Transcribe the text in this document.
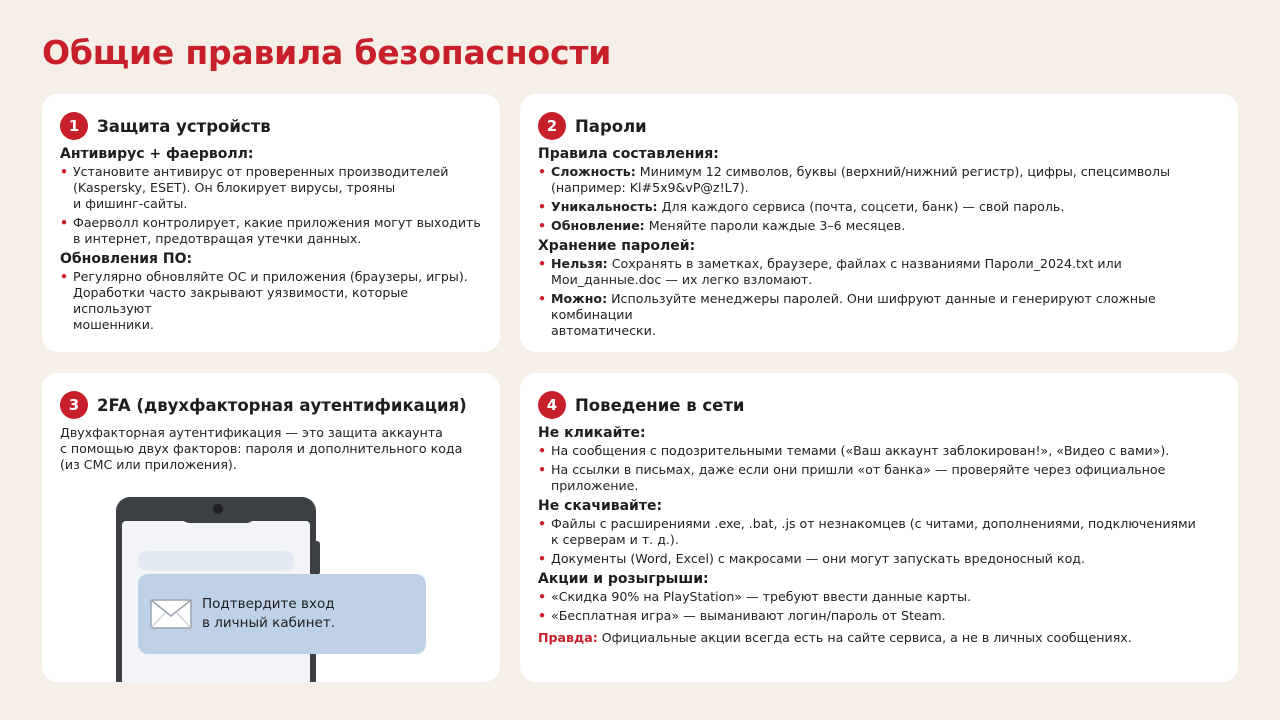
Общие правила безопасности
1	Защита устройств
Антивирус + фаерволл:
• Установите антивирус от проверенных производителей
(Kaspersky, ESET). Он блокирует вирусы, трояны
и фишинг-сайты.
• Фаерволл контролирует, какие приложения могут выходить
в интернет, предотвращая утечки данных.
Обновления ПО:
• Регулярно обновляйте ОС и приложения (браузеры, игры).
Доработки часто закрывают уязвимости, которые используют
мошенники.
2	Пароли
Правила составления:
• Сложность: Минимум 12 символов, буквы (верхний/нижний регистр), цифры, спецсимволы
(например: Kl#5x9&vP@z!L7).
• Уникальность: Для каждого сервиса (почта, соцсети, банк) — свой пароль.
• Обновление: Меняйте пароли каждые 3–6 месяцев.
Хранение паролей:
• Нельзя: Сохранять в заметках, браузере, файлах с названиями Пароли_2024.txt или
Мои_данные.doc — их легко взломают.
• Можно: Используйте менеджеры паролей. Они шифруют данные и генерируют сложные комбинации
автоматически.
3	2FA (двухфакторная аутентификация)

Двухфакторная аутентификация — это защита аккаунта
с помощью двух факторов: пароля и дополнительного кода
(из СМС или приложения).

Подтвердите вход
в личный кабинет.
4	Поведение в сети
Не кликайте:
• На сообщения с подозрительными темами («Ваш аккаунт заблокирован!», «Видео с вами»).
• На ссылки в письмах, даже если они пришли «от банка» — проверяйте через официальное
приложение.
Не скачивайте:
• Файлы с расширениями .exe, .bat, .js от незнакомцев (с читами, дополнениями, подключениями
к серверам и т. д.).
• Документы (Word, Excel) с макросами — они могут запускать вредоносный код.
Акции и розыгрыши:
• «Скидка 90% на PlayStation» — требуют ввести данные карты.
• «Бесплатная игра» — выманивают логин/пароль от Steam.

Правда: Официальные акции всегда есть на сайте сервиса, а не в личных сообщениях.
